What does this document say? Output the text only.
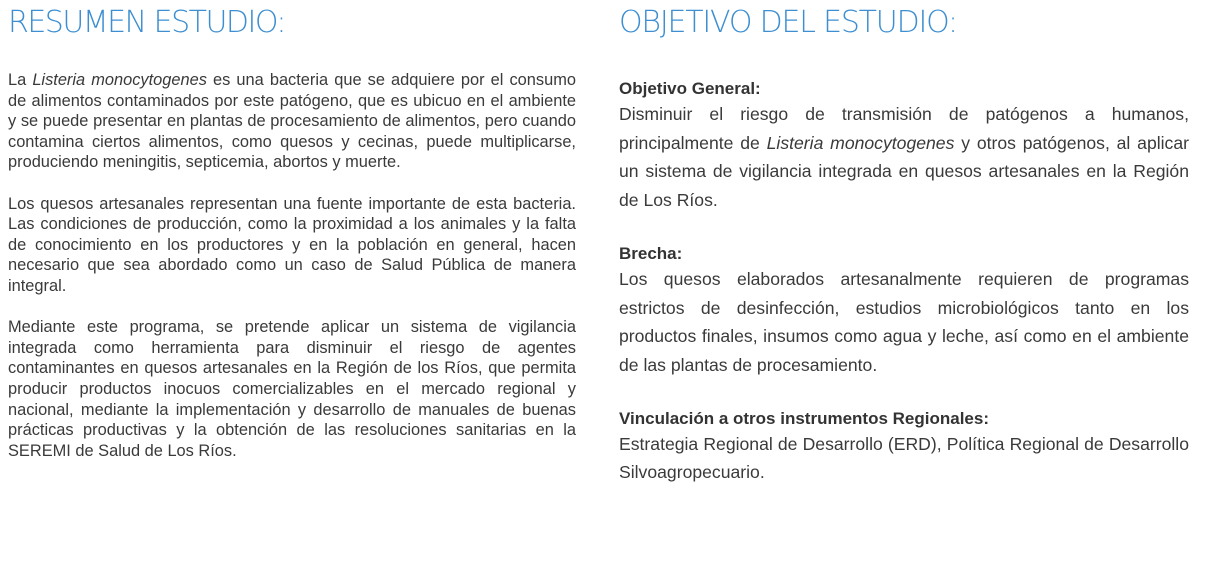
RESUMEN ESTUDIO:

La Listeria monocytogenes es una bacteria que se adquiere por el consumo de alimentos contaminados por este patógeno, que es ubicuo en el ambiente y se puede presentar en plantas de procesamiento de alimentos, pero cuando contamina ciertos alimentos, como quesos y cecinas, puede multiplicarse, produciendo meningitis, septicemia, abortos y muerte.

Los quesos artesanales representan una fuente importante de esta bacteria. Las condiciones de producción, como la proximidad a los animales y la falta de conocimiento en los productores y en la población en general, hacen necesario que sea abordado como un caso de Salud Pública de manera integral.

Mediante este programa, se pretende aplicar un sistema de vigilancia integrada como herramienta para disminuir el riesgo de agentes contaminantes en quesos artesanales en la Región de los Ríos, que permita producir productos inocuos comercializables en el mercado regional y nacional, mediante la implementación y desarrollo de manuales de buenas prácticas productivas y la obtención de las resoluciones sanitarias en la SEREMI de Salud de Los Ríos.

OBJETIVO DEL ESTUDIO:
Objetivo General:

Disminuir el riesgo de transmisión de patógenos a humanos, principalmente de Listeria monocytogenes y otros patógenos, al aplicar un sistema de vigilancia integrada en quesos artesanales en la Región de Los Ríos.

Brecha:

Los quesos elaborados artesanalmente requieren de programas estrictos de desinfección, estudios microbiológicos tanto en los productos finales, insumos como agua y leche, así como en el ambiente de las plantas de procesamiento.

Vinculación a otros instrumentos Regionales:

Estrategia Regional de Desarrollo (ERD), Política Regional de Desarrollo Silvoagropecuario.
